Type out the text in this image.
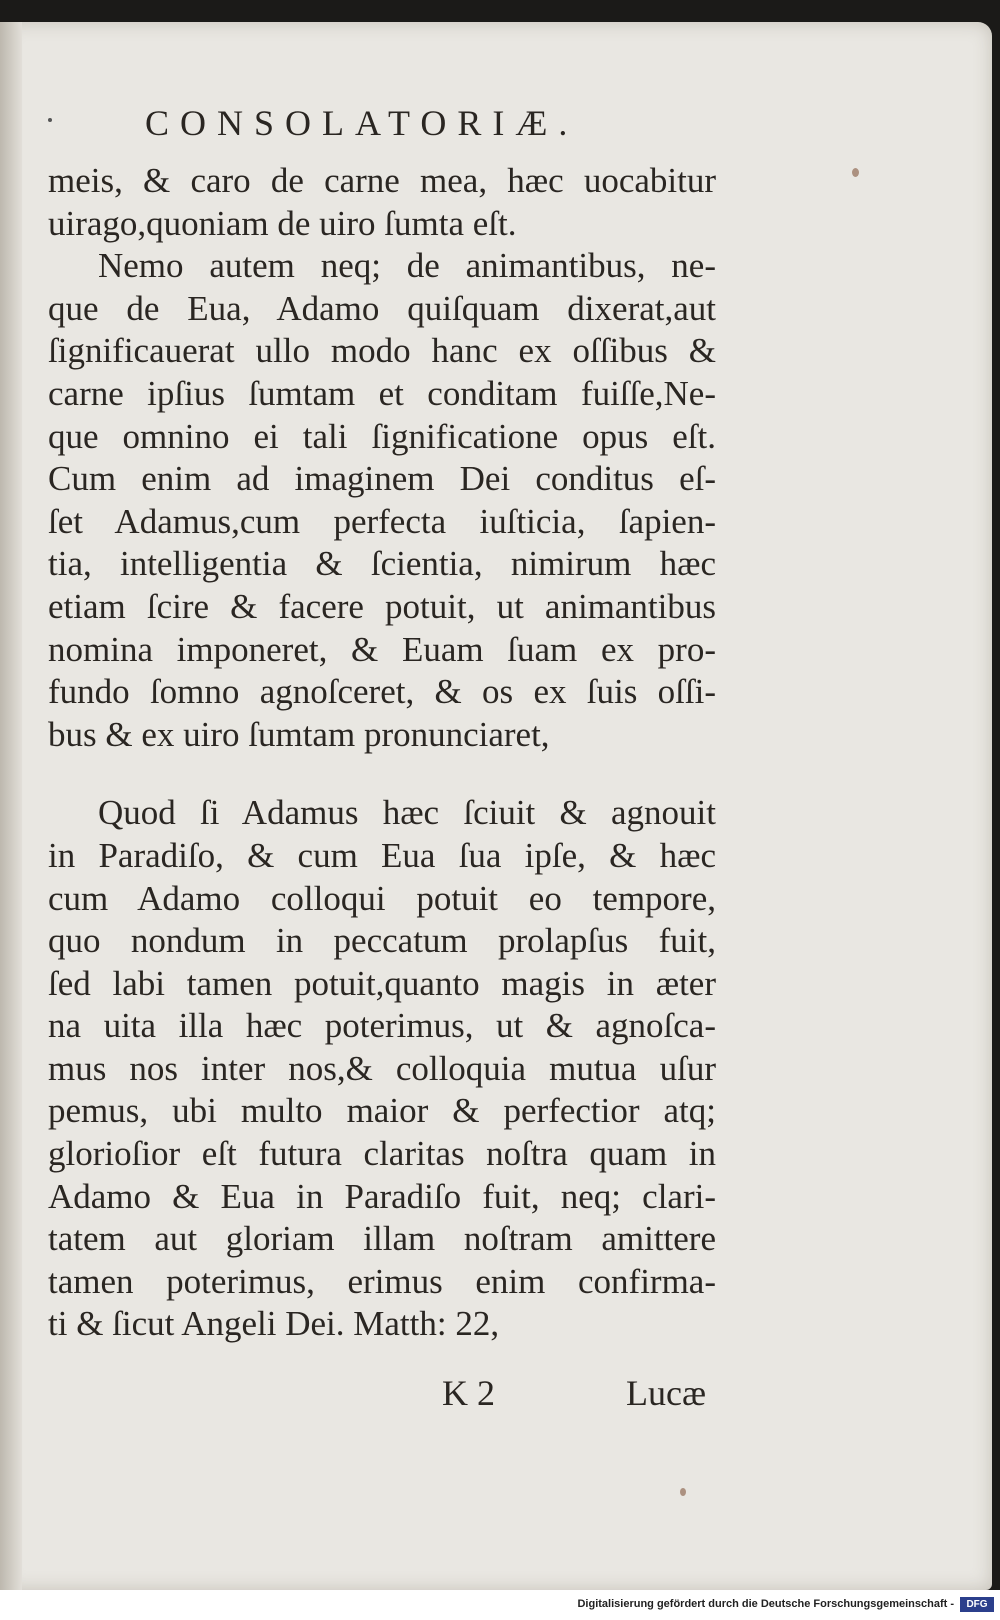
CONSOLATORIÆ.
meis, & caro de carne mea, hæc uocabitur
uirago,quoniam de uiro ſumta eſt.
Nemo autem neq; de animantibus, ne-
que de Eua, Adamo quiſquam dixerat,aut
ſignificauerat ullo modo hanc ex oſſibus &
carne ipſius ſumtam et conditam fuiſſe,Ne-
que omnino ei tali ſignificatione opus eſt.
Cum enim ad imaginem Dei conditus eſ-
ſet Adamus,cum perfecta iuſticia, ſapien-
tia, intelligentia & ſcientia, nimirum hæc
etiam ſcire & facere potuit, ut animantibus
nomina imponeret, & Euam ſuam ex pro-
fundo ſomno agnoſceret, & os ex ſuis oſſi-
bus & ex uiro ſumtam pronunciaret,
Quod ſi Adamus hæc ſciuit & agnouit
in Paradiſo, & cum Eua ſua ipſe, & hæc
cum Adamo colloqui potuit eo tempore,
quo nondum in peccatum prolapſus fuit,
ſed labi tamen potuit,quanto magis in æter
na uita illa hæc poterimus, ut & agnoſca-
mus nos inter nos,& colloquia mutua uſur
pemus, ubi multo maior & perfectior atq;
glorioſior eſt futura claritas noſtra quam in
Adamo & Eua in Paradiſo fuit, neq; clari-
tatem aut gloriam illam noſtram amittere
tamen poterimus, erimus enim confirma-
ti & ſicut Angeli Dei. Matth: 22,
K 2	Lucæ
Digitalisierung gefördert durch die Deutsche Forschungsgemeinschaft -	DFG
